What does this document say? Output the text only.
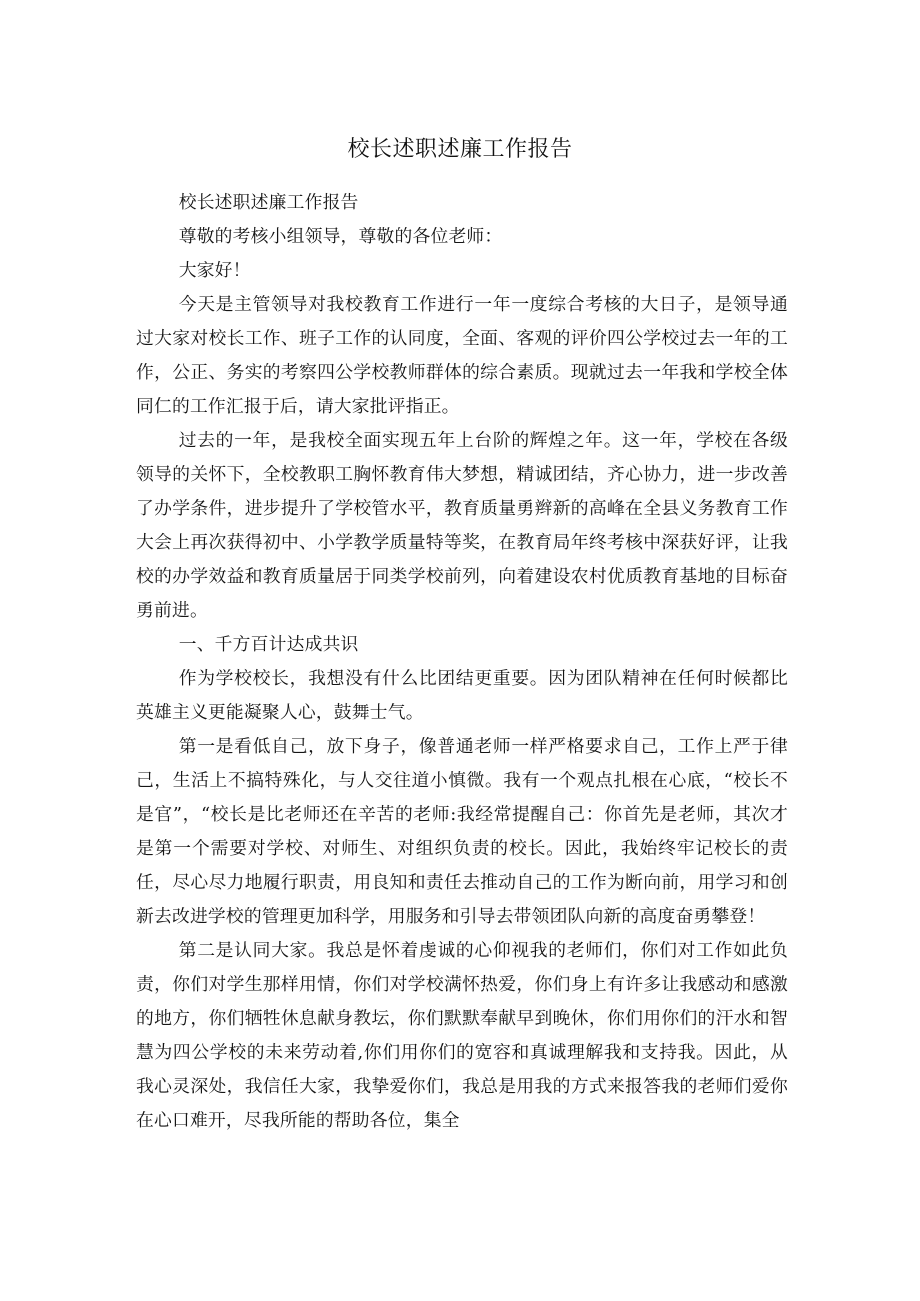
校长述职述廉工作报告

校长述职述廉工作报告

尊敬的考核小组领导，尊敬的各位老师：

大家好！

今天是主管领导对我校教育工作进行一年一度综合考核的大日子，是领导通过大家对校长工作、班子工作的认同度，全面、客观的评价四公学校过去一年的工作，公正、务实的考察四公学校教师群体的综合素质。现就过去一年我和学校全体同仁的工作汇报于后，请大家批评指正。

过去的一年，是我校全面实现五年上台阶的辉煌之年。这一年，学校在各级领导的关怀下，全校教职工胸怀教育伟大梦想，精诚团结，齐心协力，进一步改善了办学条件，进步提升了学校管水平，教育质量勇辫新的高峰在全县义务教育工作大会上再次获得初中、小学教学质量特等奖，在教育局年终考核中深获好评，让我校的办学效益和教育质量居于同类学校前列，向着建设农村优质教育基地的目标奋勇前进。

一、千方百计达成共识

作为学校校长，我想没有什么比团结更重要。因为团队精神在任何时候都比英雄主义更能凝聚人心，鼓舞士气。

第一是看低自己，放下身子，像普通老师一样严格要求自己，工作上严于律己，生活上不搞特殊化，与人交往道小慎微。我有一个观点扎根在心底，“校长不是官”，“校长是比老师还在辛苦的老师:我经常提醒自己：你首先是老师，其次才是第一个需要对学校、对师生、对组织负责的校长。因此，我始终牢记校长的责任，尽心尽力地履行职责，用良知和责任去推动自己的工作为断向前，用学习和创新去改进学校的管理更加科学，用服务和引导去带领团队向新的高度奋勇攀登！

第二是认同大家。我总是怀着虔诚的心仰视我的老师们，你们对工作如此负责，你们对学生那样用情，你们对学校满怀热爱，你们身上有许多让我感动和感激的地方，你们牺牲休息献身教坛，你们默默奉献早到晚休，你们用你们的汗水和智慧为四公学校的未来劳动着,你们用你们的宽容和真诚理解我和支持我。因此，从我心灵深处，我信任大家，我挚爱你们，我总是用我的方式来报答我的老师们爱你在心口难开，尽我所能的帮助各位，集全
